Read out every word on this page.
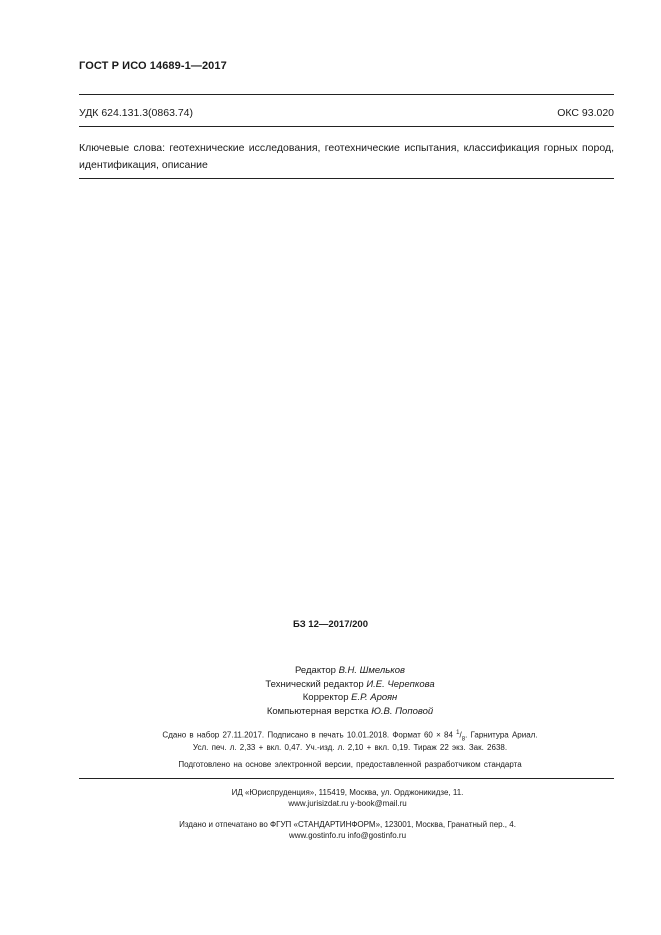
ГОСТ Р ИСО 14689-1—2017
УДК 624.131.3(0863.74)	ОКС 93.020
Ключевые слова: геотехнические исследования, геотехнические испытания, классификация горных пород, идентификация, описание
БЗ 12—2017/200
Редактор В.Н. Шмельков
Технический редактор И.Е. Черепкова
Корректор Е.Р. Ароян
Компьютерная верстка Ю.В. Поповой
Сдано в набор 27.11.2017. Подписано в печать 10.01.2018. Формат 60 × 84 $^1/_8$. Гарнитура Ариал.
Усл. печ. л. 2,33 + вкл. 0,47. Уч.-изд. л. 2,10 + вкл. 0,19. Тираж 22 экз. Зак. 2638.
Подготовлено на основе электронной версии, предоставленной разработчиком стандарта
ИД «Юриспруденция», 115419, Москва, ул. Орджоникидзе, 11.
www.jurisizdat.ru y-book@mail.ru
Издано и отпечатано во ФГУП «СТАНДАРТИНФОРМ», 123001, Москва, Гранатный пер., 4.
www.gostinfo.ru info@gostinfo.ru
